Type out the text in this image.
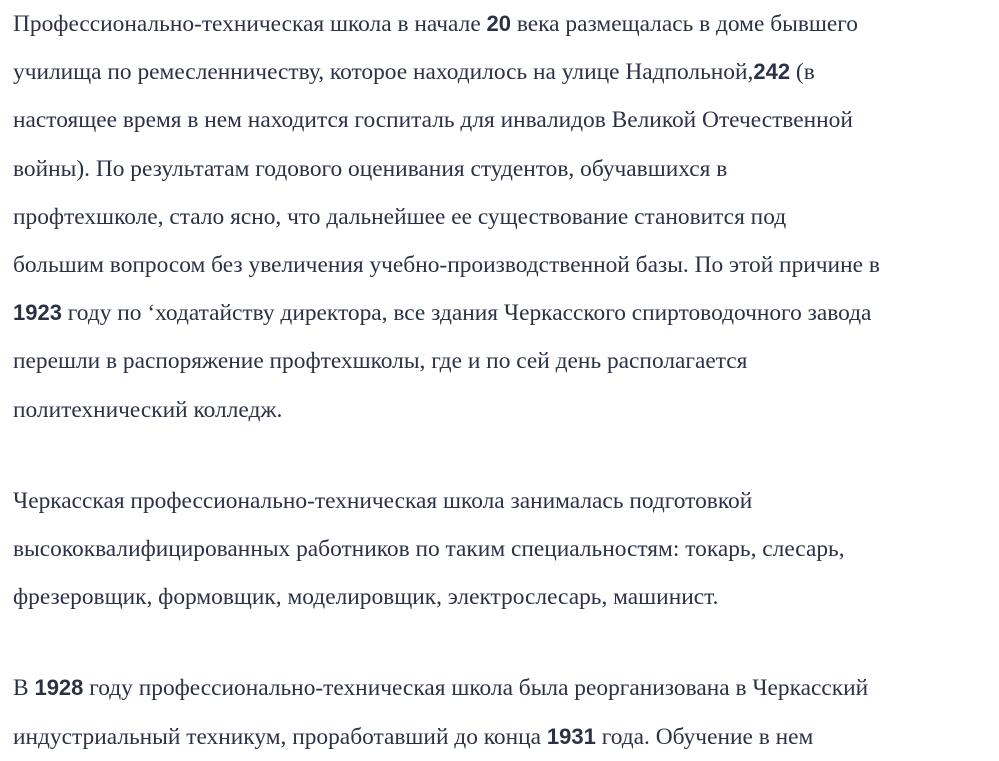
Профессионально-техническая школа в начале 20 века размещалась в доме бывшего
училища по ремесленничеству, которое находилось на улице Надпольной,242 (в
настоящее время в нем находится госпиталь для инвалидов Великой Отечественной
войны). По результатам годового оценивания студентов, обучавшихся в
профтехшколе, стало ясно, что дальнейшее ее существование становится под
большим вопросом без увеличения учебно-производственной базы. По этой причине в
1923 году по ‘ходатайству директора, все здания Черкасского спиртоводочного завода
перешли в распоряжение профтехшколы, где и по сей день располагается
политехнический колледж.
Черкасская профессионально-техническая школа занималась подготовкой
высококвалифицированных работников по таким специальностям: токарь, слесарь,
фрезеровщик, формовщик, моделировщик, электрослесарь, машинист.
В 1928 году профессионально-техническая школа была реорганизована в Черкасский
индустриальный техникум, проработавший до конца 1931 года. Обучение в нем
